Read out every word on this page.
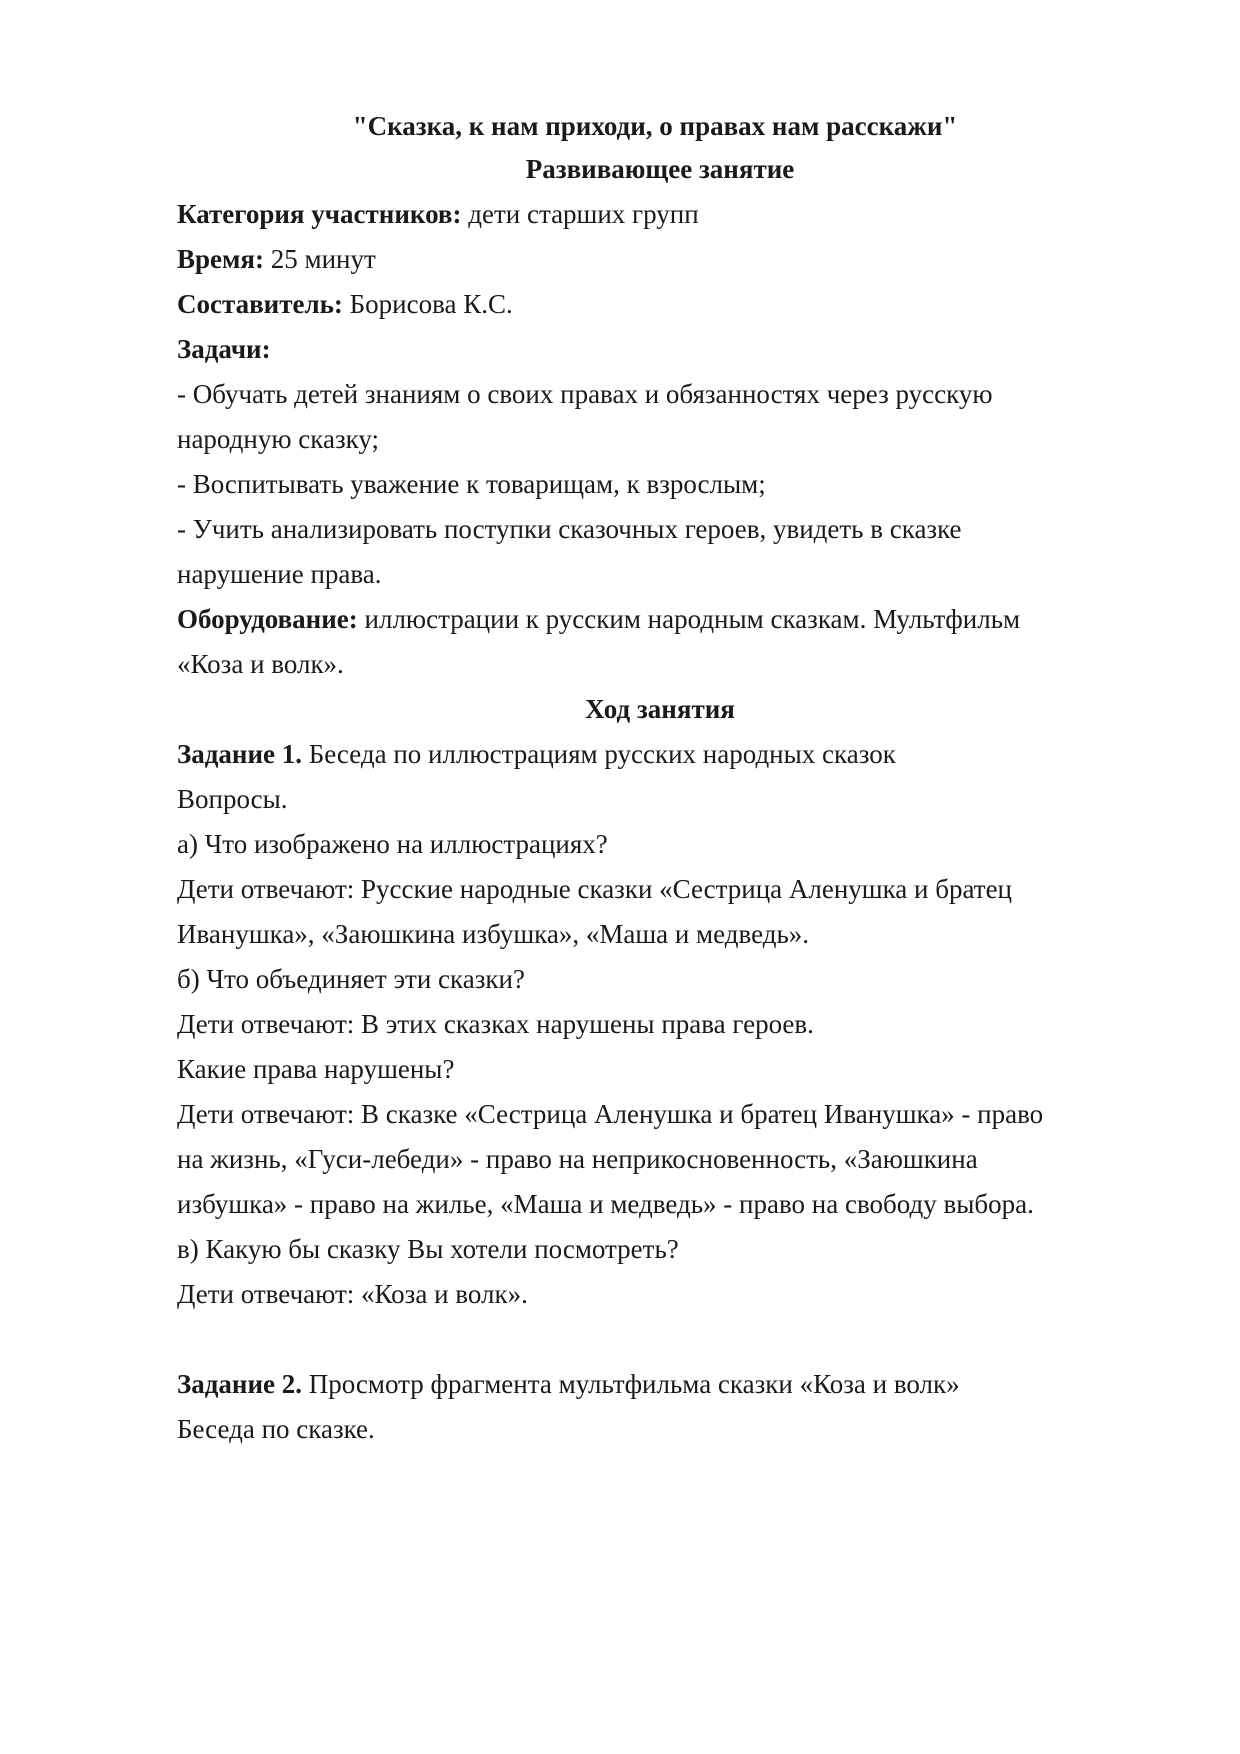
"Сказка, к нам приходи, о правах нам расскажи"

Развивающее занятие

Категория участников: дети старших групп

Время: 25 минут

Составитель: Борисова К.С.

Задачи:

- Обучать детей знаниям о своих правах и обязанностях через русскую

народную сказку;

- Воспитывать уважение к товарищам, к взрослым;

- Учить анализировать поступки сказочных героев, увидеть в сказке

нарушение права.

Оборудование: иллюстрации к русским народным сказкам. Мультфильм

«Коза и волк».

Ход занятия

Задание 1. Беседа по иллюстрациям русских народных сказок

Вопросы.

а) Что изображено на иллюстрациях?

Дети отвечают: Русские народные сказки «Сестрица Аленушка и братец

Иванушка», «Заюшкина избушка», «Маша и медведь».

б) Что объединяет эти сказки?

Дети отвечают: В этих сказках нарушены права героев.

Какие права нарушены?

Дети отвечают: В сказке «Сестрица Аленушка и братец Иванушка» - право

на жизнь, «Гуси-лебеди» - право на неприкосновенность, «Заюшкина

избушка» - право на жилье, «Маша и медведь» - право на свободу выбора.

в) Какую бы сказку Вы хотели посмотреть?

Дети отвечают: «Коза и волк».

Задание 2. Просмотр фрагмента мультфильма сказки «Коза и волк»

Беседа по сказке.
